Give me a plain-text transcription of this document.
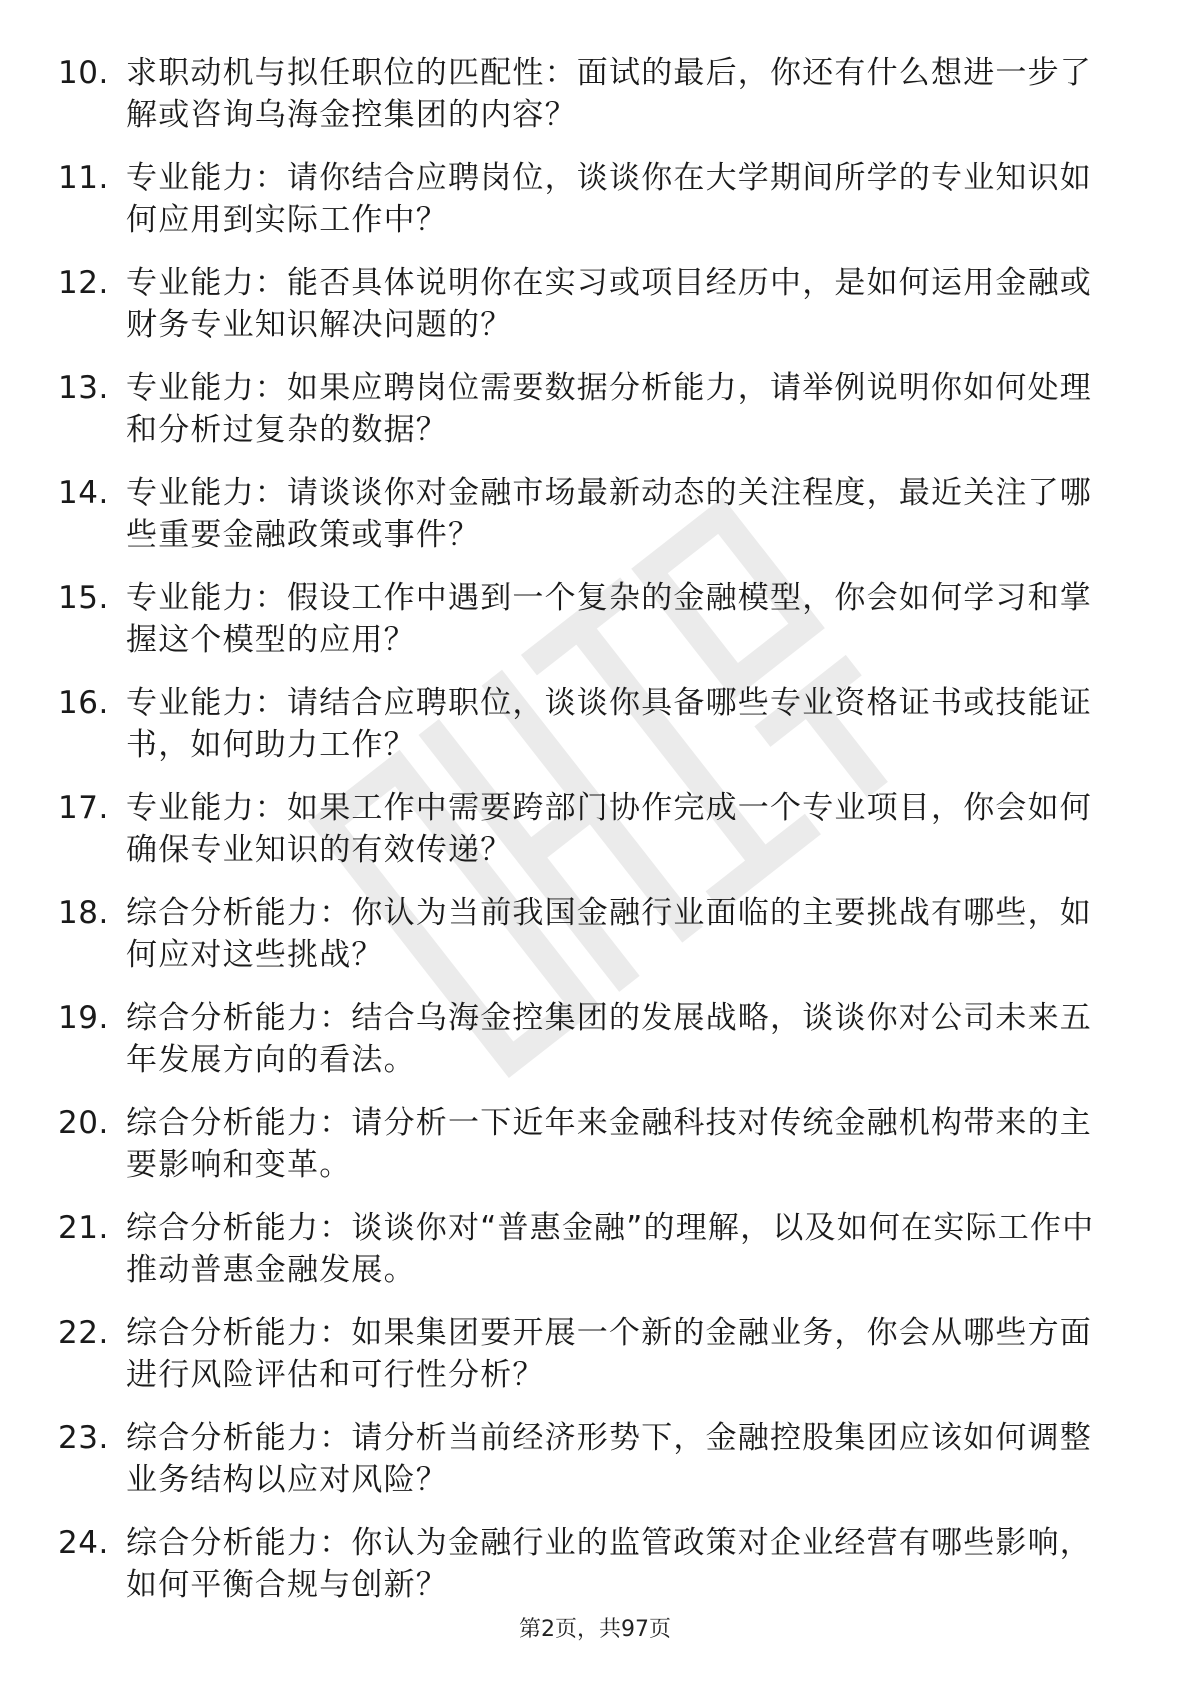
10. 求职动机与拟任职位的匹配性：面试的最后，你还有什么想进一步了解或咨询乌海金控集团的内容？
11. 专业能力：请你结合应聘岗位，谈谈你在大学期间所学的专业知识如何应用到实际工作中？
12. 专业能力：能否具体说明你在实习或项目经历中，是如何运用金融或财务专业知识解决问题的？
13. 专业能力：如果应聘岗位需要数据分析能力，请举例说明你如何处理和分析过复杂的数据？
14. 专业能力：请谈谈你对金融市场最新动态的关注程度，最近关注了哪些重要金融政策或事件？
15. 专业能力：假设工作中遇到一个复杂的金融模型，你会如何学习和掌握这个模型的应用？
16. 专业能力：请结合应聘职位，谈谈你具备哪些专业资格证书或技能证书，如何助力工作？
17. 专业能力：如果工作中需要跨部门协作完成一个专业项目，你会如何确保专业知识的有效传递？
18. 综合分析能力：你认为当前我国金融行业面临的主要挑战有哪些，如何应对这些挑战？
19. 综合分析能力：结合乌海金控集团的发展战略，谈谈你对公司未来五年发展方向的看法。
20. 综合分析能力：请分析一下近年来金融科技对传统金融机构带来的主要影响和变革。
21. 综合分析能力：谈谈你对“普惠金融”的理解，以及如何在实际工作中推动普惠金融发展。
22. 综合分析能力：如果集团要开展一个新的金融业务，你会从哪些方面进行风险评估和可行性分析？
23. 综合分析能力：请分析当前经济形势下，金融控股集团应该如何调整业务结构以应对风险？
24. 综合分析能力：你认为金融行业的监管政策对企业经营有哪些影响，如何平衡合规与创新？
第2页，共97页
